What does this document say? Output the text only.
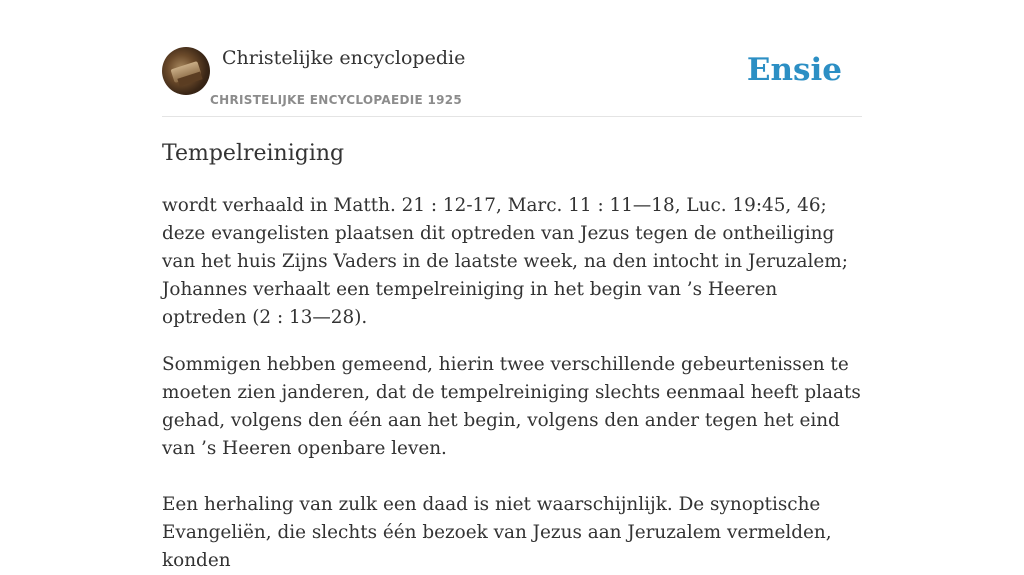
Christelijke encyclopedie
CHRISTELIJKE ENCYCLOPAEDIE 1925
Ensie
Tempelreiniging

wordt verhaald in Matth. 21 : 12-17, Marc. 11 : 11—18, Luc. 19:45, 46; deze evangelisten plaatsen dit optreden van Jezus tegen de ontheiliging van het huis Zijns Vaders in de laatste week, na den intocht in Jeruzalem; Johannes verhaalt een tempelreiniging in het begin van ’s Heeren optreden (2 : 13—28).

Sommigen hebben gemeend, hierin twee verschillende gebeurtenissen te moeten zien janderen, dat de tempelreiniging slechts eenmaal heeft plaats gehad, volgens den één aan het begin, volgens den ander tegen het eind van ’s Heeren openbare leven.

Een herhaling van zulk een daad is niet waarschijnlijk. De synoptische Evangeliën, die slechts één bezoek van Jezus aan Jeruzalem vermelden, konden
